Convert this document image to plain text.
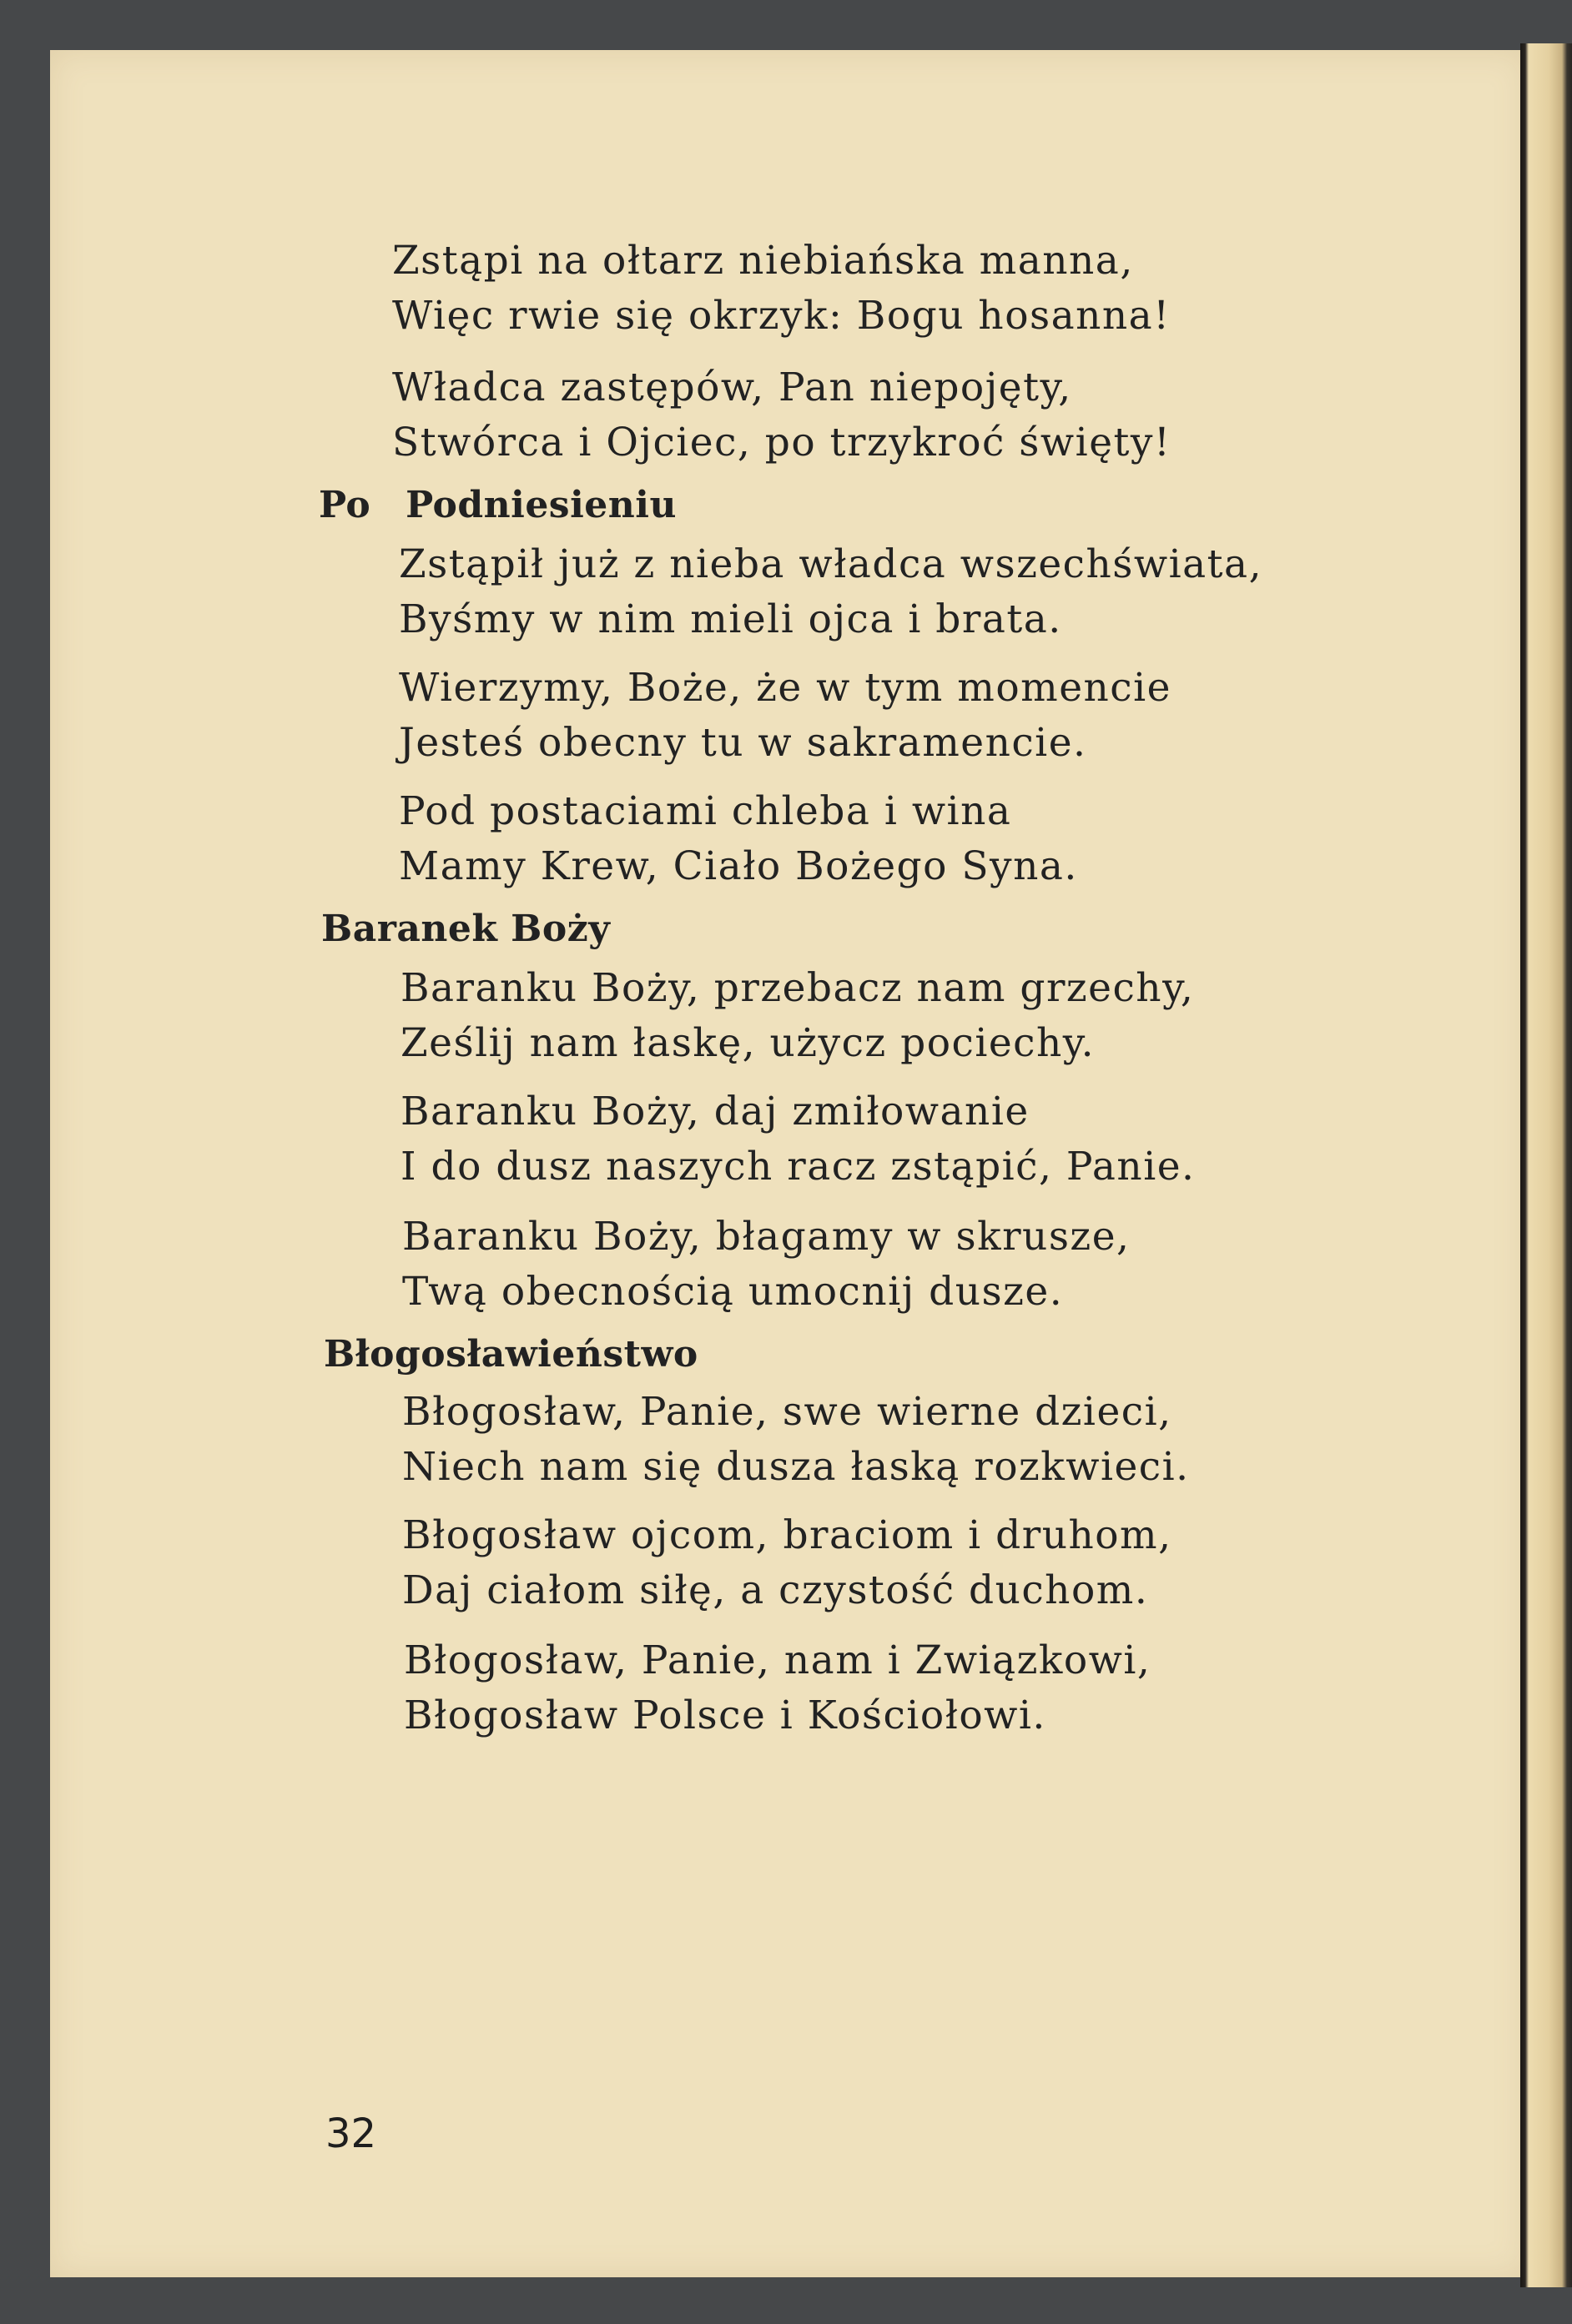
Zstąpi na ołtarz niebiańska manna,
Więc rwie się okrzyk: Bogu hosanna!
Władca zastępów, Pan niepojęty,
Stwórca i Ojciec, po trzykroć święty!
Po Podniesieniu
Zstąpił już z nieba władca wszechświata,
Byśmy w nim mieli ojca i brata.
Wierzymy, Boże, że w tym momencie
Jesteś obecny tu w sakramencie.
Pod postaciami chleba i wina
Mamy Krew, Ciało Bożego Syna.
Baranek Boży
Baranku Boży, przebacz nam grzechy,
Ześlij nam łaskę, użycz pociechy.
Baranku Boży, daj zmiłowanie
I do dusz naszych racz zstąpić, Panie.
Baranku Boży, błagamy w skrusze,
Twą obecnością umocnij dusze.
Błogosławieństwo
Błogosław, Panie, swe wierne dzieci,
Niech nam się dusza łaską rozkwieci.
Błogosław ojcom, braciom i druhom,
Daj ciałom siłę, a czystość duchom.
Błogosław, Panie, nam i Związkowi,
Błogosław Polsce i Kościołowi.
32
